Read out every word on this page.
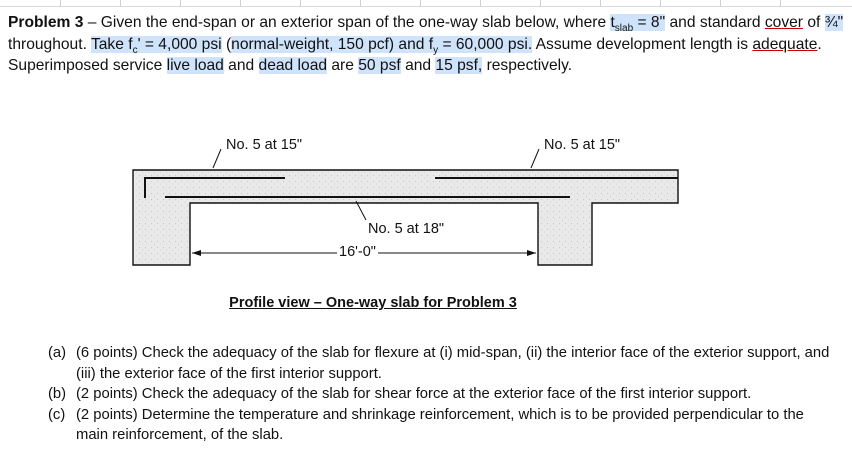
Problem 3 – Given the end-span or an exterior span of the one-way slab below, where $t_{slab} = 8$" and standard cover of ¾" throughout. Take $f_c' = 4,000$ psi (normal-weight, 150 pcf) and $f_y = 60,000$ psi. Assume development length is adequate. Superimposed service live load and dead load are 50 psf and 15 psf, respectively.
No. 5 at 15"	No. 5 at 15"
No. 5 at 18"
16'-0"
Profile view – One-way slab for Problem 3
(a) (6 points) Check the adequacy of the slab for flexure at (i) mid-span, (ii) the interior face of the exterior support, and (iii) the exterior face of the first interior support.
(b) (2 points) Check the adequacy of the slab for shear force at the exterior face of the first interior support.
(c) (2 points) Determine the temperature and shrinkage reinforcement, which is to be provided perpendicular to the main reinforcement, of the slab.
